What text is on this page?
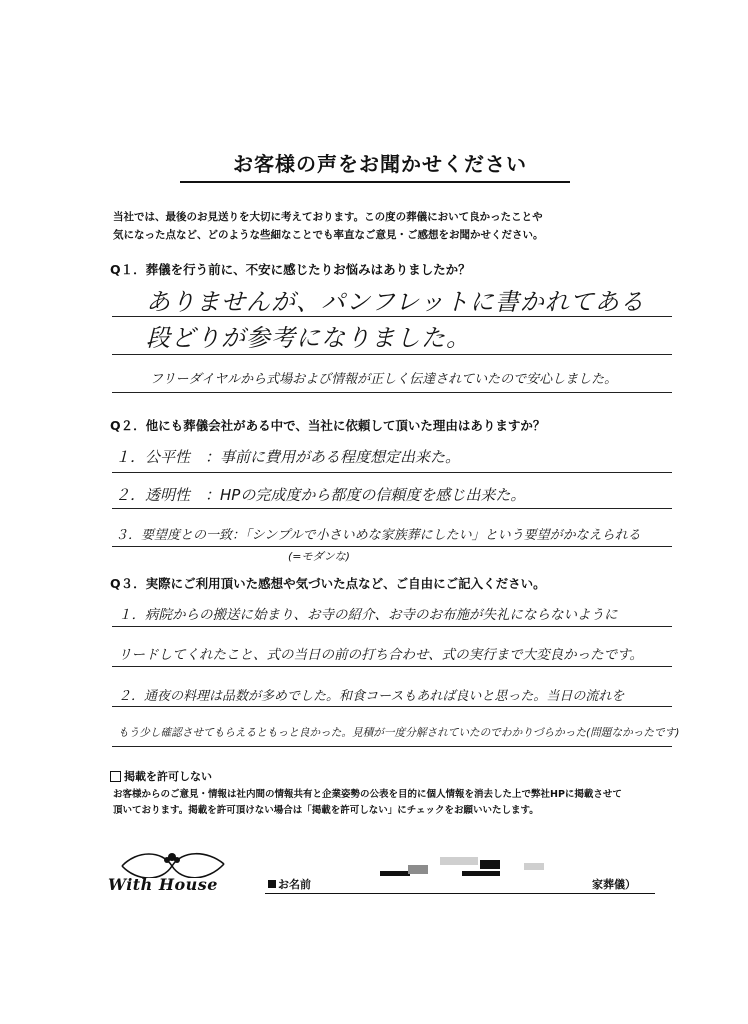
お客様の声をお聞かせください
当社では、最後のお見送りを大切に考えております。この度の葬儀において良かったことや
気になった点など、どのような些細なことでも率直なご意見・ご感想をお聞かせください。
Q１．葬儀を行う前に、不安に感じたりお悩みはありましたか？
ありませんが、パンフレットに書かれてある
段どりが参考になりました。
フリーダイヤルから式場および情報が正しく伝達されていたので安心しました。
Q２．他にも葬儀会社がある中で、当社に依頼して頂いた理由はありますか？
１．公平性　：事前に費用がある程度想定出来た。
２．透明性　：HPの完成度から都度の信頼度を感じ出来た。
３．要望度との一致：「シンプルで小さいめな家族葬にしたい」という要望がかなえられる
(=モダンな)
Q３．実際にご利用頂いた感想や気づいた点など、ご自由にご記入ください。
１．病院からの搬送に始まり、お寺の紹介、お寺のお布施が失礼にならないように
リードしてくれたこと、式の当日の前の打ち合わせ、式の実行まで大変良かったです。
２．通夜の料理は品数が多めでした。和食コースもあれば良いと思った。当日の流れを
もう少し確認させてもらえるともっと良かった。見積が一度分解されていたのでわかりづらかった(問題なかったです)
掲載を許可しない
お客様からのご意見・情報は社内間の情報共有と企業姿勢の公表を目的に個人情報を消去した上で弊社HPに掲載させて
頂いております。掲載を許可頂けない場合は「掲載を許可しない」にチェックをお願いいたします。
With House	お名前	家葬儀）
